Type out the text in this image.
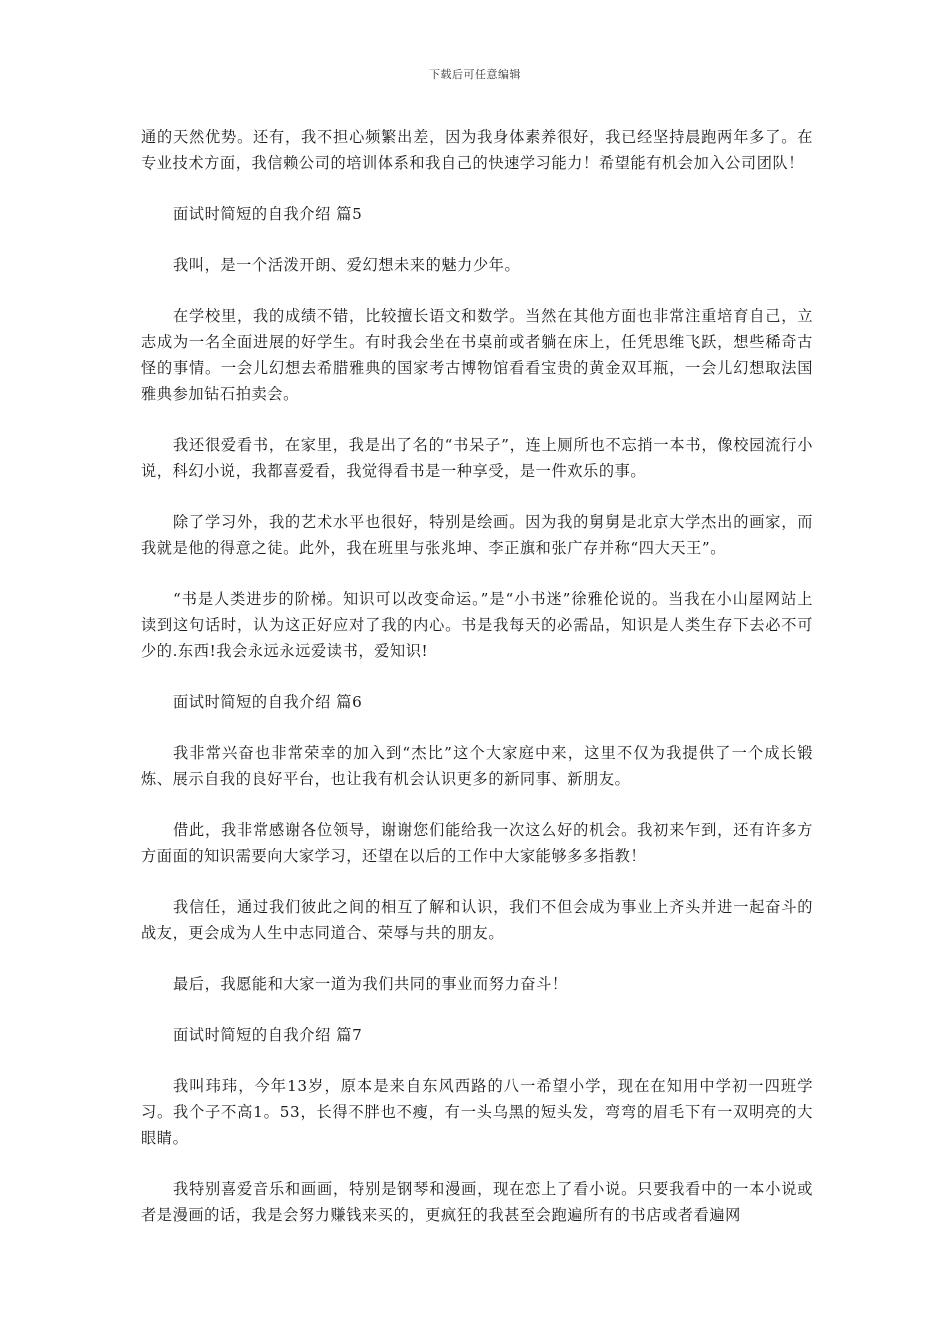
下载后可任意编辑

通的天然优势。还有，我不担心频繁出差，因为我身体素养很好，我已经坚持晨跑两年多了。在专业技术方面，我信赖公司的培训体系和我自己的快速学习能力！希望能有机会加入公司团队！

面试时简短的自我介绍 篇5

我叫，是一个活泼开朗、爱幻想未来的魅力少年。

在学校里，我的成绩不错，比较擅长语文和数学。当然在其他方面也非常注重培育自己，立志成为一名全面进展的好学生。有时我会坐在书桌前或者躺在床上，任凭思维飞跃，想些稀奇古怪的事情。一会儿幻想去希腊雅典的国家考古博物馆看看宝贵的黄金双耳瓶，一会儿幻想取法国雅典参加钻石拍卖会。

我还很爱看书，在家里，我是出了名的“书呆子”，连上厕所也不忘捎一本书，像校园流行小说，科幻小说，我都喜爱看，我觉得看书是一种享受，是一件欢乐的事。

除了学习外，我的艺术水平也很好，特别是绘画。因为我的舅舅是北京大学杰出的画家，而我就是他的得意之徒。此外，我在班里与张兆坤、李正旗和张广存并称“四大天王”。

“书是人类进步的阶梯。知识可以改变命运。”是“小书迷”徐雅伦说的。当我在小山屋网站上读到这句话时，认为这正好应对了我的内心。书是我每天的必需品，知识是人类生存下去必不可少的.东西!我会永远永远爱读书，爱知识!

面试时简短的自我介绍 篇6

我非常兴奋也非常荣幸的加入到“杰比”这个大家庭中来，这里不仅为我提供了一个成长锻炼、展示自我的良好平台，也让我有机会认识更多的新同事、新朋友。

借此，我非常感谢各位领导，谢谢您们能给我一次这么好的机会。我初来乍到，还有许多方方面面的知识需要向大家学习，还望在以后的工作中大家能够多多指教！

我信任，通过我们彼此之间的相互了解和认识，我们不但会成为事业上齐头并进一起奋斗的战友，更会成为人生中志同道合、荣辱与共的朋友。

最后，我愿能和大家一道为我们共同的事业而努力奋斗！

面试时简短的自我介绍 篇7

我叫玮玮，今年13岁，原本是来自东风西路的八一希望小学，现在在知用中学初一四班学习。我个子不高1。53，长得不胖也不瘦，有一头乌黑的短头发，弯弯的眉毛下有一双明亮的大眼睛。

我特别喜爱音乐和画画，特别是钢琴和漫画，现在恋上了看小说。只要我看中的一本小说或者是漫画的话，我是会努力赚钱来买的，更疯狂的我甚至会跑遍所有的书店或者看遍网
